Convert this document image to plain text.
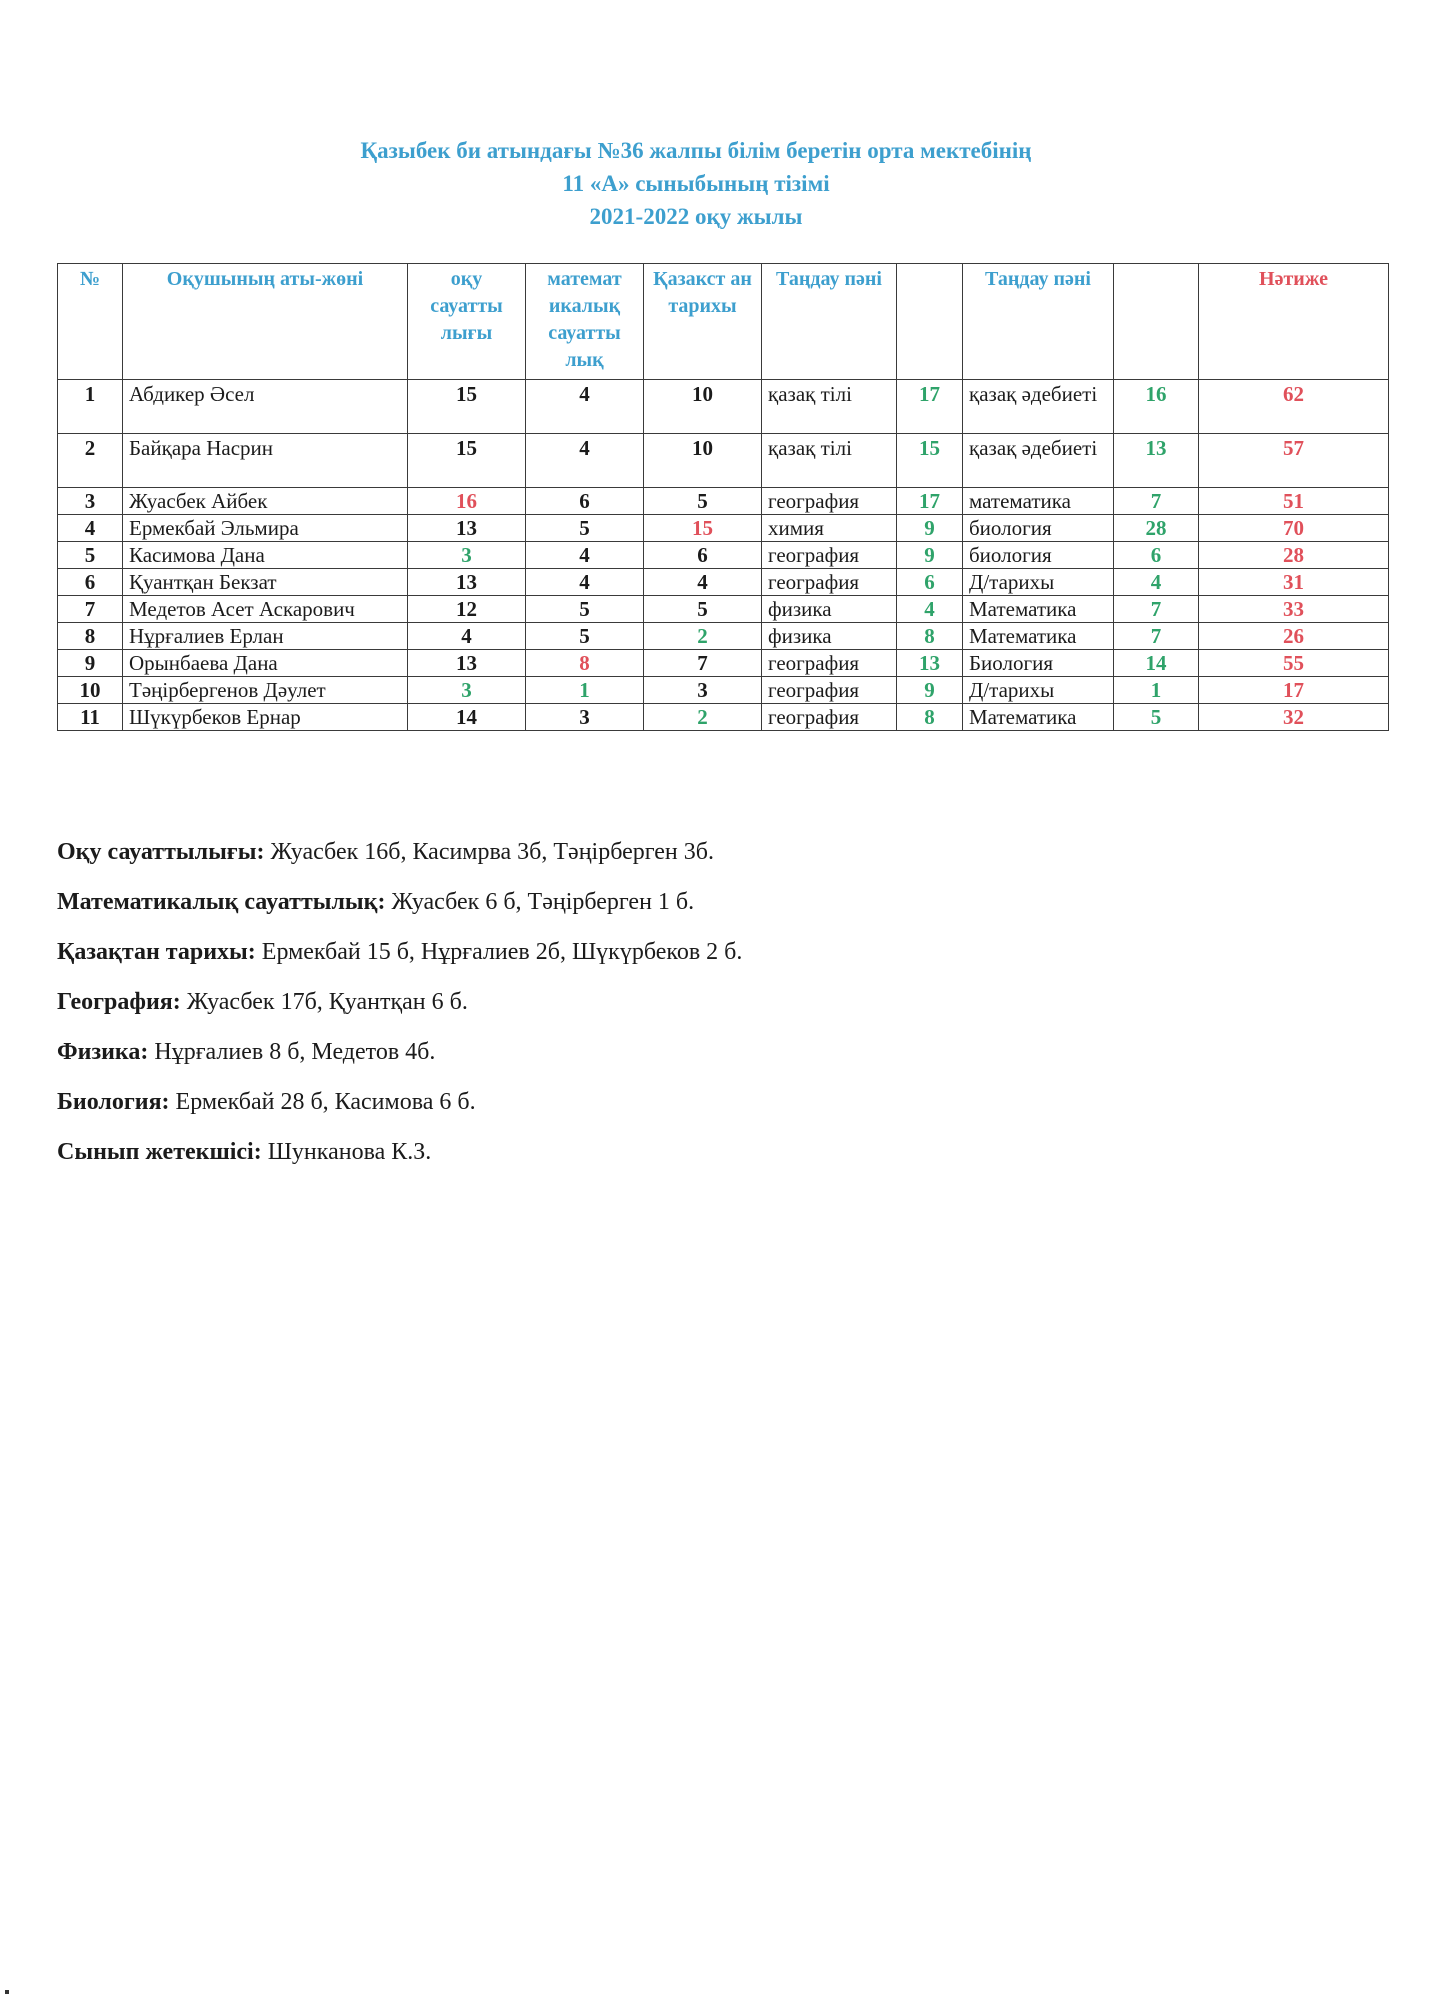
Қазыбек би атындағы №36 жалпы білім беретін орта мектебінің
11 «А» сыныбының тізімі
2021-2022 оқу жылы
№	Оқушының аты-жөні	оқу сауатты лығы	математ икалық сауатты лық	Қазакст ан тарихы	Таңдау пәні		Таңдау пәні		Нәтиже
1	Абдикер Әсел	15	4	10	қазақ тілі	17	қазақ әдебиеті	16	62
2	Байқара Насрин	15	4	10	қазақ тілі	15	қазақ әдебиеті	13	57
3	Жуасбек Айбек	16	6	5	география	17	математика	7	51
4	Ермекбай Эльмира	13	5	15	химия	9	биология	28	70
5	Касимова Дана	3	4	6	география	9	биология	6	28
6	Қуантқан Бекзат	13	4	4	география	6	Д/тарихы	4	31
7	Медетов Асет Аскарович	12	5	5	физика	4	Математика	7	33
8	Нұрғалиев Ерлан	4	5	2	физика	8	Математика	7	26
9	Орынбаева Дана	13	8	7	география	13	Биология	14	55
10	Тәңірбергенов Дәулет	3	1	3	география	9	Д/тарихы	1	17
11	Шүкүрбеков Ернар	14	3	2	география	8	Математика	5	32
Оқу сауаттылығы: Жуасбек 16б, Касимрва 3б, Тәңірберген 3б.
Математикалық сауаттылық: Жуасбек 6 б, Тәңірберген 1 б.
Қазақтан тарихы: Ермекбай 15 б, Нұрғалиев 2б, Шүкүрбеков 2 б.
География: Жуасбек 17б, Қуантқан 6 б.
Физика: Нұрғалиев 8 б, Медетов 4б.
Биология: Ермекбай 28 б, Касимова 6 б.
Сынып жетекшісі: Шунканова К.З.
